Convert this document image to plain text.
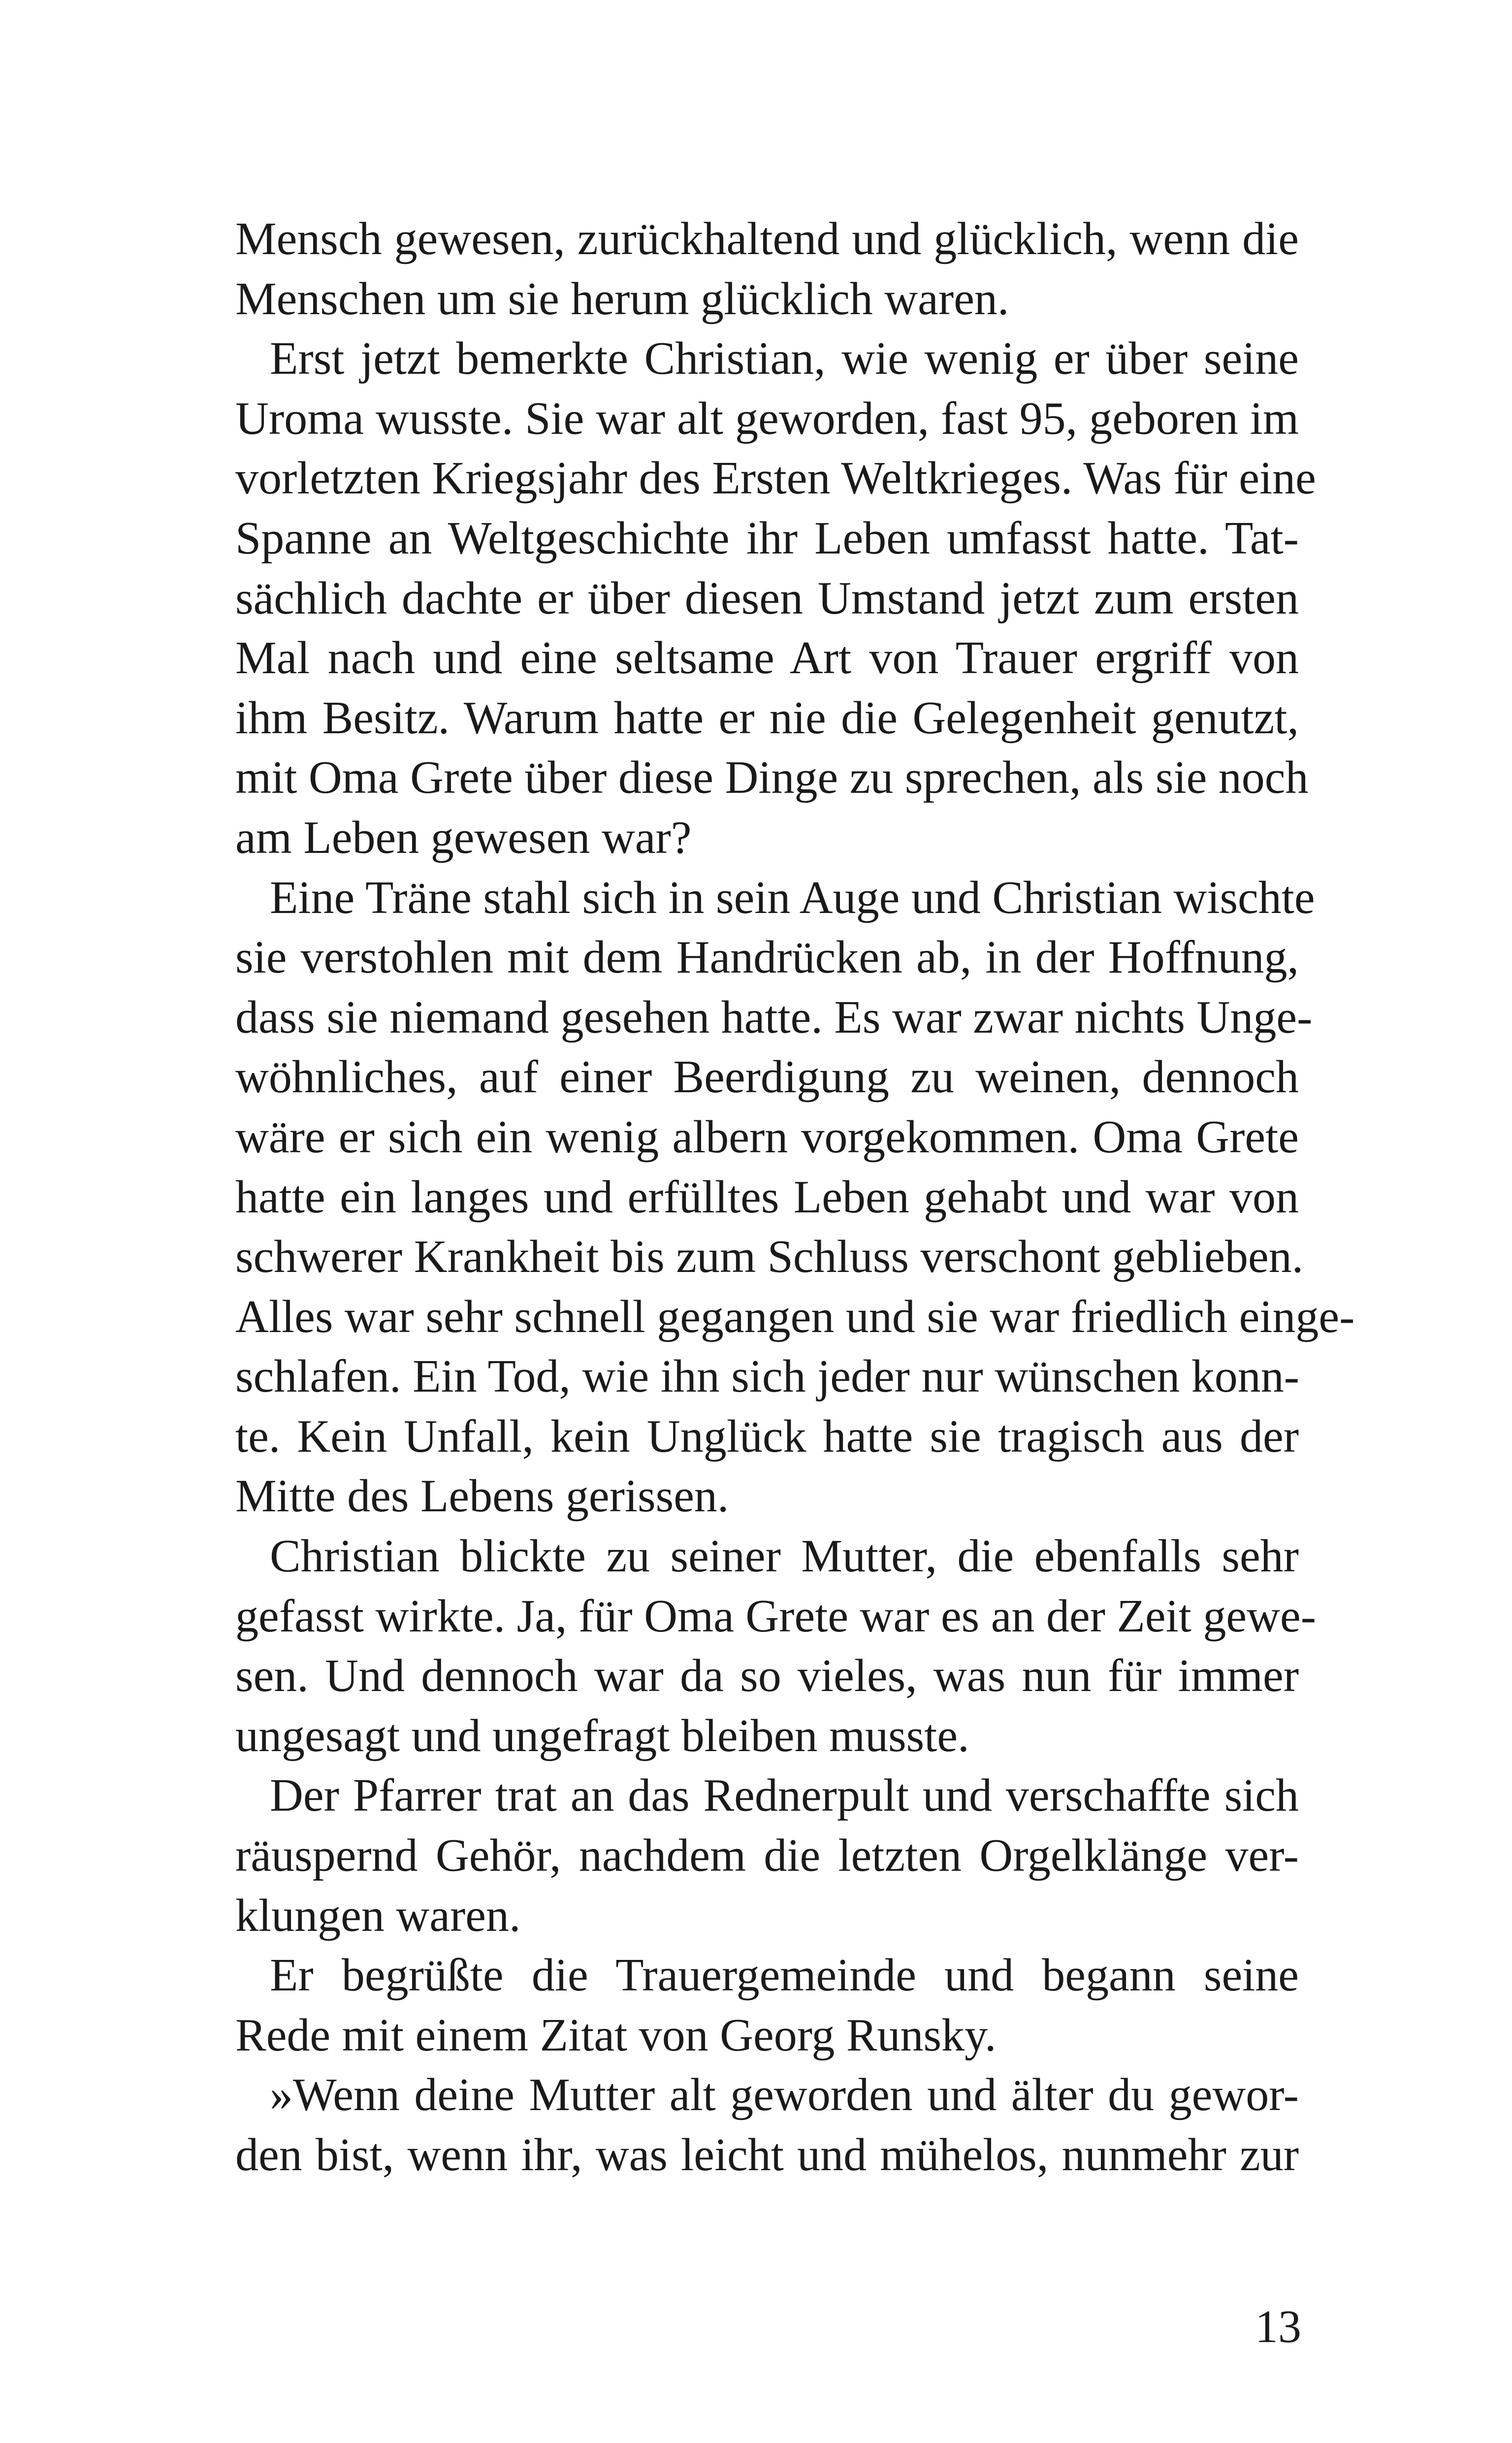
Mensch gewesen, zurückhaltend und glücklich, wenn die
Menschen um sie herum glücklich waren.
Erst jetzt bemerkte Christian, wie wenig er über seine
Uroma wusste. Sie war alt geworden, fast 95, geboren im
vorletzten Kriegsjahr des Ersten Weltkrieges. Was für eine
Spanne an Weltgeschichte ihr Leben umfasst hatte. Tat-
sächlich dachte er über diesen Umstand jetzt zum ersten
Mal nach und eine seltsame Art von Trauer ergriff von
ihm Besitz. Warum hatte er nie die Gelegenheit genutzt,
mit Oma Grete über diese Dinge zu sprechen, als sie noch
am Leben gewesen war?
Eine Träne stahl sich in sein Auge und Christian wischte
sie verstohlen mit dem Handrücken ab, in der Hoffnung,
dass sie niemand gesehen hatte. Es war zwar nichts Unge-
wöhnliches, auf einer Beerdigung zu weinen, dennoch
wäre er sich ein wenig albern vorgekommen. Oma Grete
hatte ein langes und erfülltes Leben gehabt und war von
schwerer Krankheit bis zum Schluss verschont geblieben.
Alles war sehr schnell gegangen und sie war friedlich einge-
schlafen. Ein Tod, wie ihn sich jeder nur wünschen konn-
te. Kein Unfall, kein Unglück hatte sie tragisch aus der
Mitte des Lebens gerissen.
Christian blickte zu seiner Mutter, die ebenfalls sehr
gefasst wirkte. Ja, für Oma Grete war es an der Zeit gewe-
sen. Und dennoch war da so vieles, was nun für immer
ungesagt und ungefragt bleiben musste.
Der Pfarrer trat an das Rednerpult und verschaffte sich
räuspernd Gehör, nachdem die letzten Orgelklänge ver-
klungen waren.
Er begrüßte die Trauergemeinde und begann seine
Rede mit einem Zitat von Georg Runsky.
»Wenn deine Mutter alt geworden und älter du gewor-
den bist, wenn ihr, was leicht und mühelos, nunmehr zur
13
